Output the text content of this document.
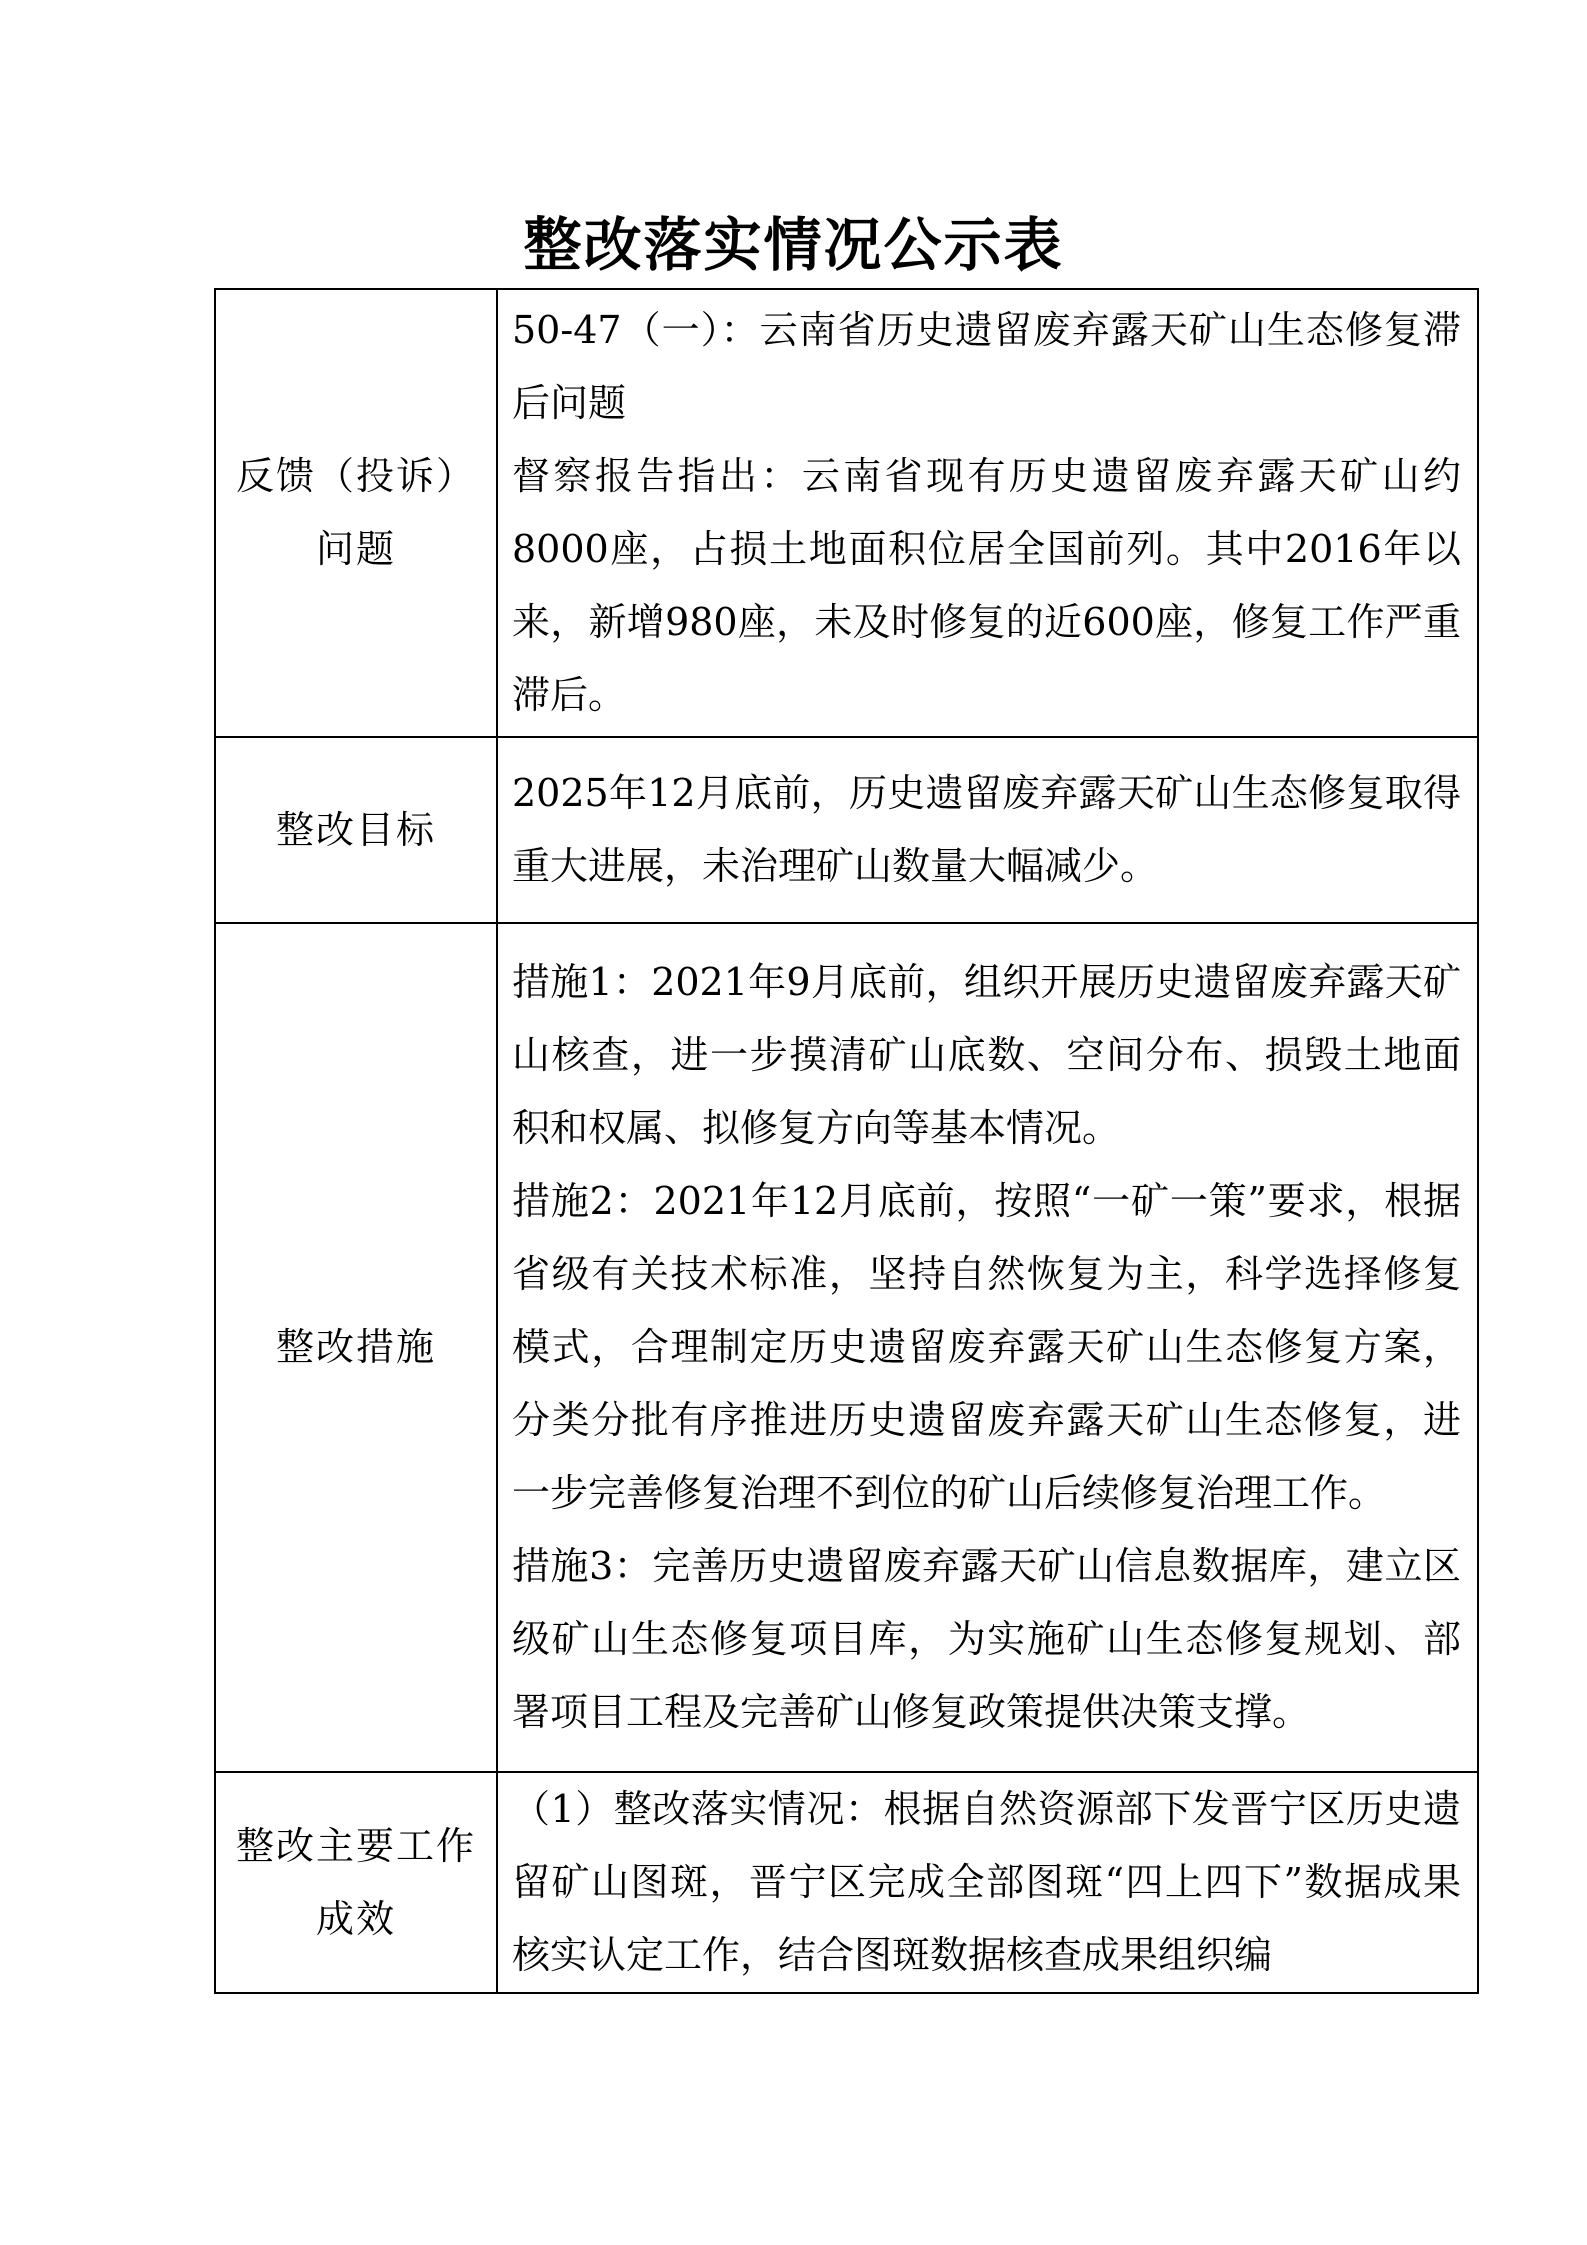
整改落实情况公示表
反馈（投诉）问题	50-47（一）：云南省历史遗留废弃露天矿山生态修复滞后问题
督察报告指出：云南省现有历史遗留废弃露天矿山约8000座，占损土地面积位居全国前列。其中2016年以来，新增980座，未及时修复的近600座，修复工作严重滞后。

整改目标	2025年12月底前，历史遗留废弃露天矿山生态修复取得重大进展，未治理矿山数量大幅减少。

整改措施	措施1：2021年9月底前，组织开展历史遗留废弃露天矿山核查，进一步摸清矿山底数、空间分布、损毁土地面积和权属、拟修复方向等基本情况。
措施2：2021年12月底前，按照“一矿一策”要求，根据省级有关技术标准，坚持自然恢复为主，科学选择修复模式，合理制定历史遗留废弃露天矿山生态修复方案，分类分批有序推进历史遗留废弃露天矿山生态修复，进一步完善修复治理不到位的矿山后续修复治理工作。
措施3：完善历史遗留废弃露天矿山信息数据库，建立区级矿山生态修复项目库，为实施矿山生态修复规划、部署项目工程及完善矿山修复政策提供决策支撑。

整改主要工作成效	（1）整改落实情况：根据自然资源部下发晋宁区历史遗留矿山图斑，晋宁区完成全部图斑“四上四下”数据成果核实认定工作，结合图斑数据核查成果组织编
